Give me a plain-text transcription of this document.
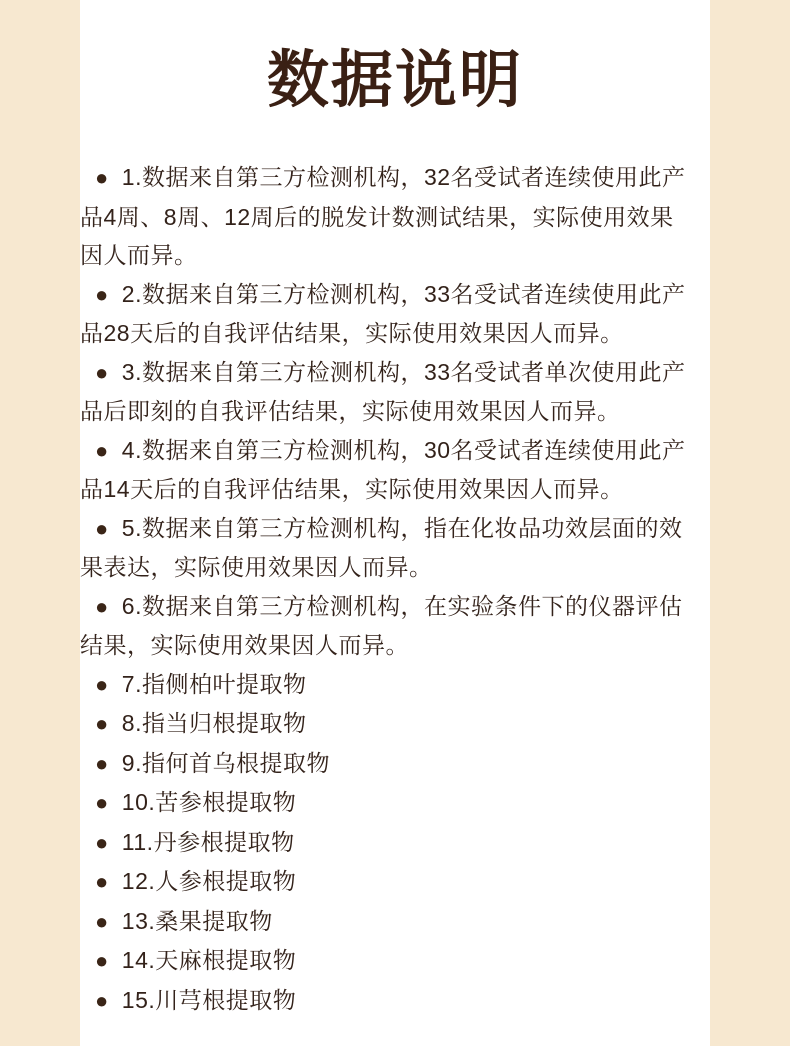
数据说明

● 1.数据来自第三方检测机构，32名受试者连续使用此产品4周、8周、12周后的脱发计数测试结果，实际使用效果因人而异。

● 2.数据来自第三方检测机构，33名受试者连续使用此产品28天后的自我评估结果，实际使用效果因人而异。

● 3.数据来自第三方检测机构，33名受试者单次使用此产品后即刻的自我评估结果，实际使用效果因人而异。

● 4.数据来自第三方检测机构，30名受试者连续使用此产品14天后的自我评估结果，实际使用效果因人而异。

● 5.数据来自第三方检测机构，指在化妆品功效层面的效果表达，实际使用效果因人而异。

● 6.数据来自第三方检测机构，在实验条件下的仪器评估结果，实际使用效果因人而异。

● 7.指侧柏叶提取物

● 8.指当归根提取物

● 9.指何首乌根提取物

● 10.苦参根提取物

● 11.丹参根提取物

● 12.人参根提取物

● 13.桑果提取物

● 14.天麻根提取物

● 15.川芎根提取物
